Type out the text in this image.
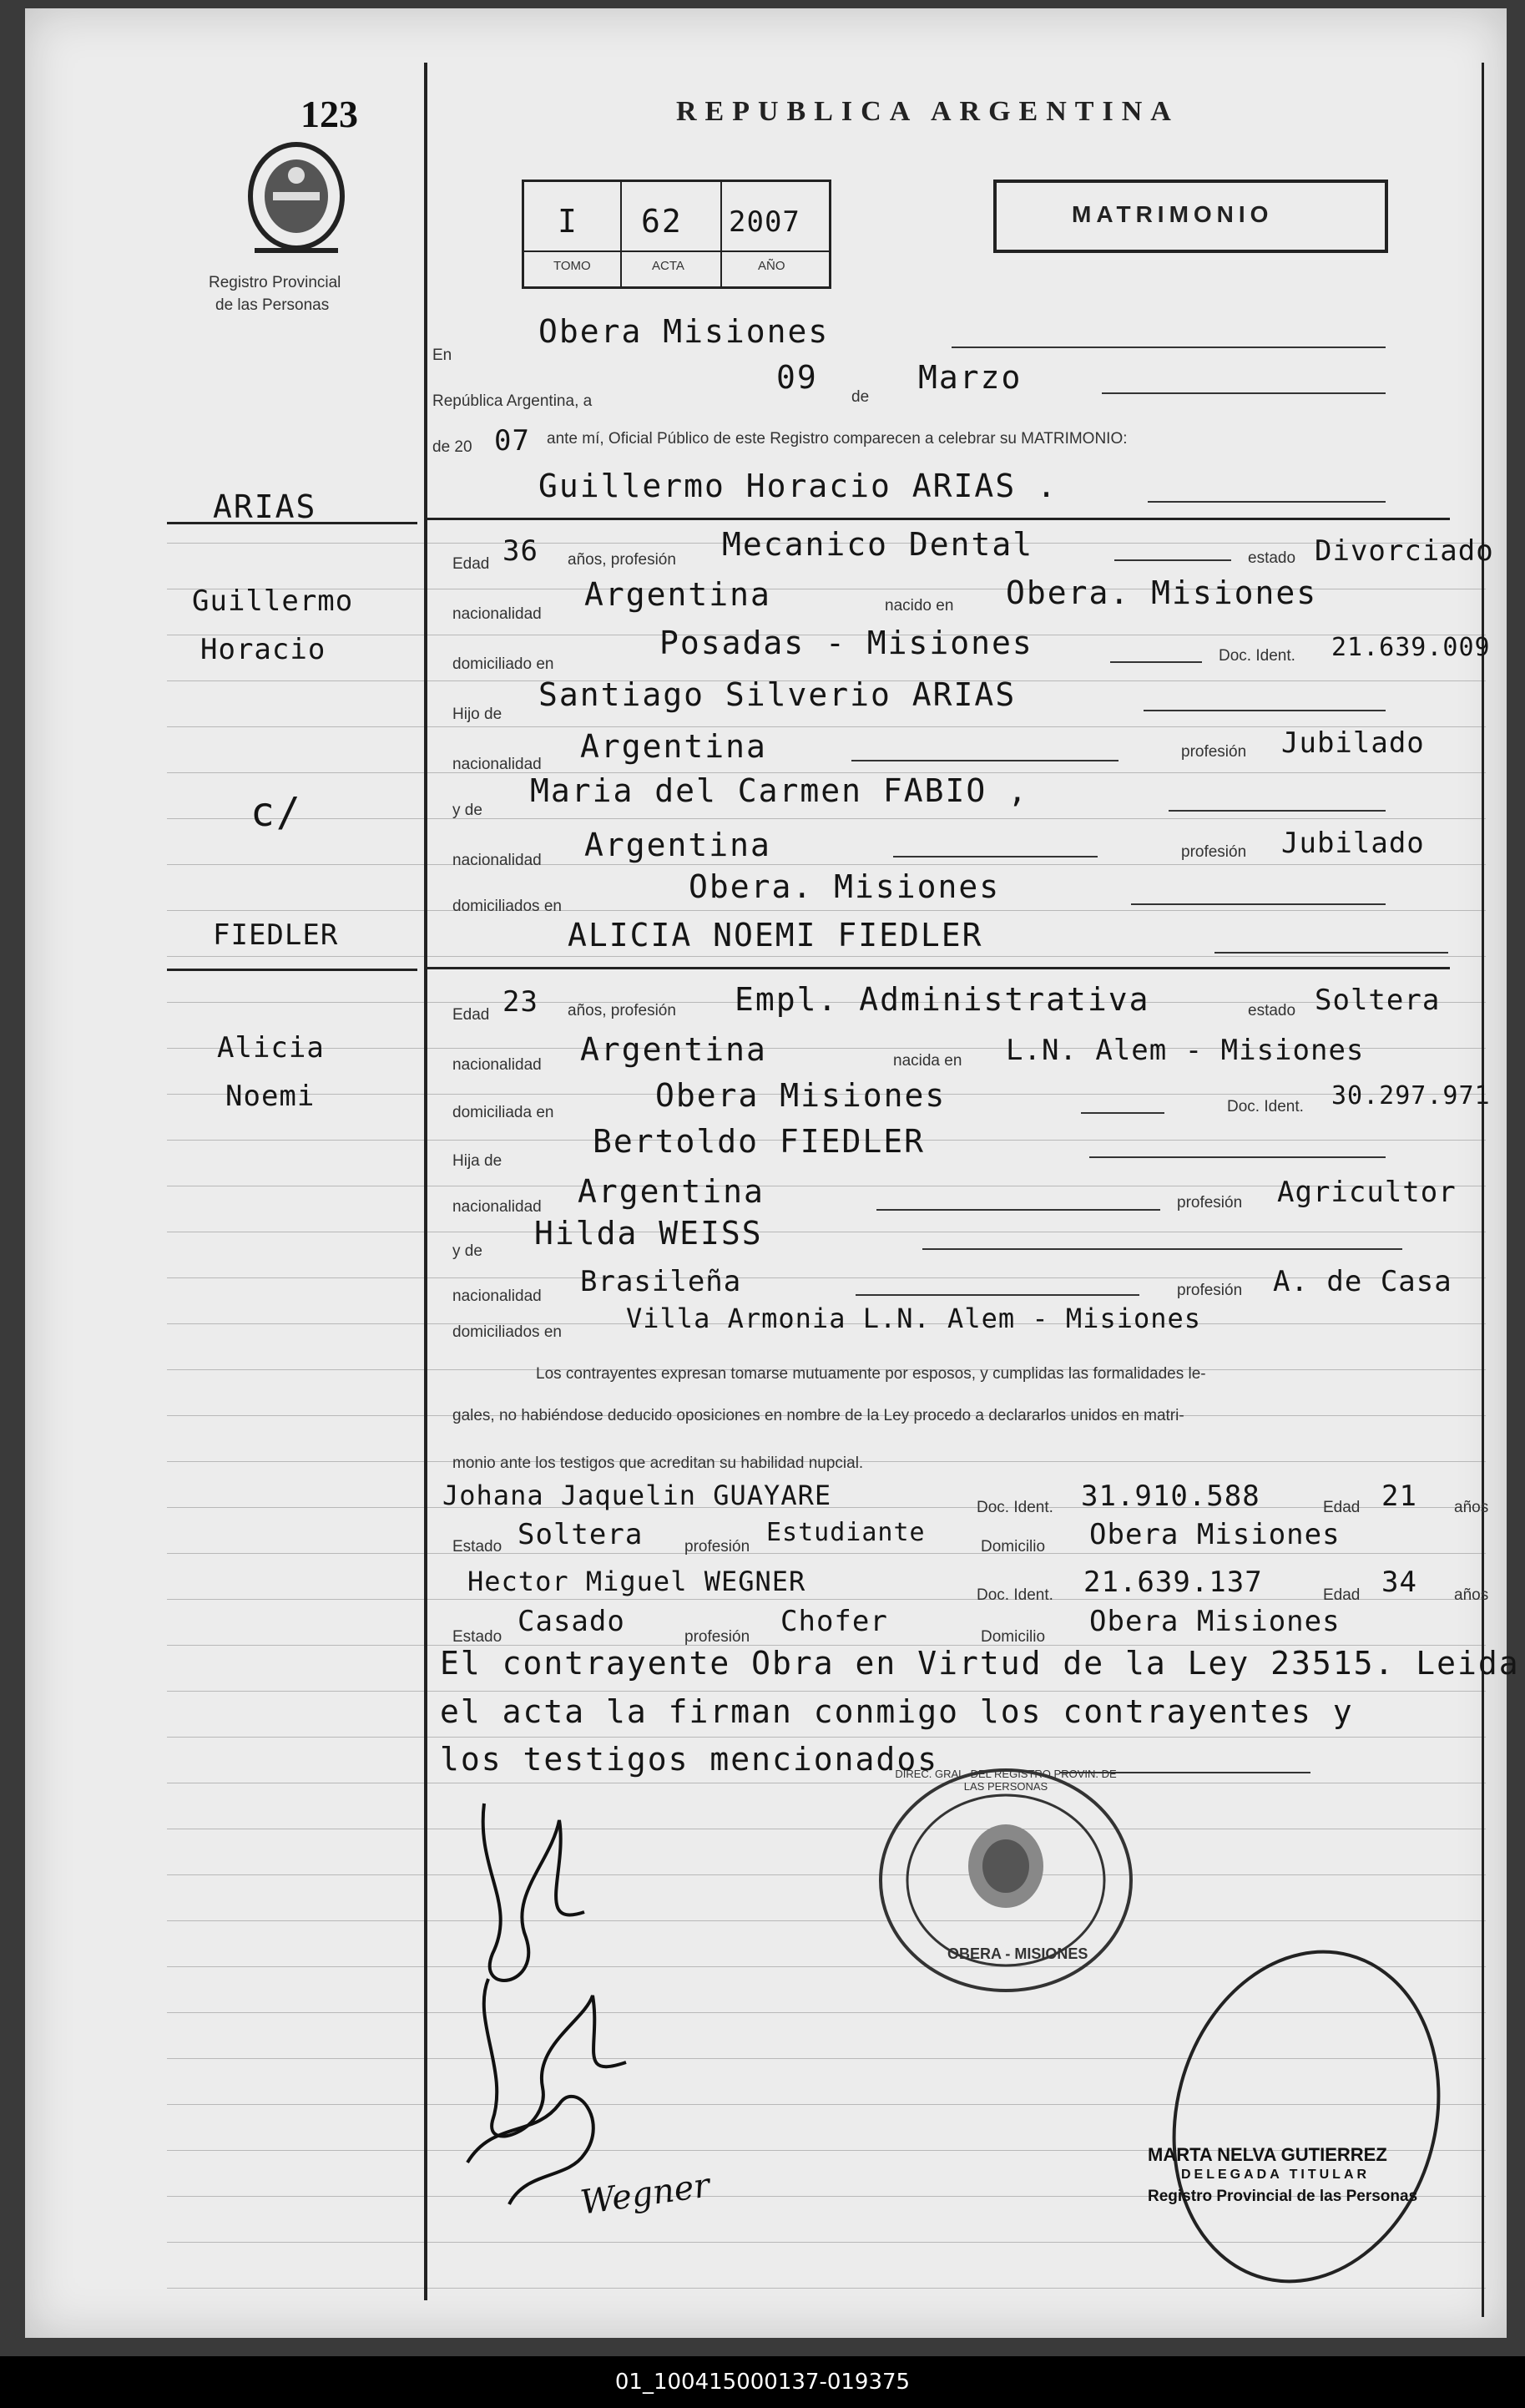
123
Registro Provincial
de las Personas
REPUBLICA ARGENTINA
I 62 2007
TOMO	ACTA	AÑO
MATRIMONIO
En
Obera Misiones
República Argentina, a
09
de
Marzo
de 20 07 ante mí, Oficial Público de este Registro comparecen a celebrar su MATRIMONIO:
Guillermo Horacio ARIAS .
ARIAS
Guillermo
Horacio
c/
FIEDLER
Alicia
Noemi
Edad 36 años, profesión Mecanico Dental	estado Divorciado
nacionalidad
Argentina	nacido en Obera. Misiones
domiciliado en
Posadas - Misiones	Doc. Ident. 21.639.009
Hijo de
Santiago Silverio ARIAS
nacionalidad Argentina	profesión Jubilado
y de
Maria del Carmen FABIO ,
nacionalidad Argentina	profesión Jubilado
domiciliados en
Obera. Misiones
ALICIA NOEMI FIEDLER
Edad 23 años, profesión Empl. Administrativa	estado Soltera
nacionalidad Argentina	nacida en L.N. Alem - Misiones
domiciliada en	Obera Misiones	Doc. Ident. 30.297.971
Hija de
Bertoldo FIEDLER
nacionalidad Argentina	profesión Agricultor
y de Hilda WEISS
nacionalidad Brasileña	profesión A. de Casa
domiciliados en Villa Armonia L.N. Alem - Misiones
Los contrayentes expresan tomarse mutuamente por esposos, y cumplidas las formalidades le-
gales, no habiéndose deducido oposiciones en nombre de la Ley procedo a declararlos unidos en matri-
monio ante los testigos que acreditan su habilidad nupcial.
Johana Jaquelin GUAYARE	Doc. Ident. 31.910.588	Edad 21 años
Estado Soltera	profesión Estudiante	Domicilio Obera Misiones
Hector Miguel WEGNER	Doc. Ident. 21.639.137	Edad 34 años
Estado Casado	profesión Chofer	Domicilio Obera Misiones
El contrayente Obra en Virtud de la Ley 23515. Leida
el acta la firman conmigo los contrayentes y
los testigos mencionados
DIREC. GRAL. DEL REGISTRO PROVIN. DE LAS PERSONAS
OBERA - MISIONES
Wegner
MARTA NELVA GUTIERREZ
DELEGADA TITULAR
Registro Provincial de las Personas
01_100415000137-019375
